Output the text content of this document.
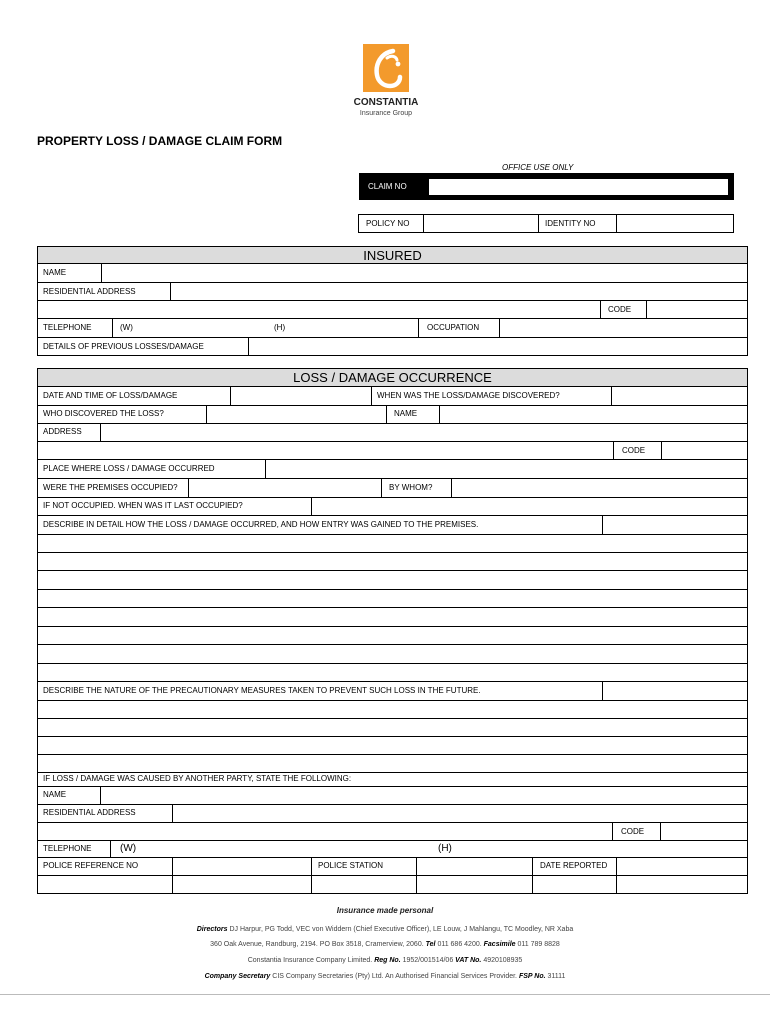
CONSTANTIA
Insurance Group
PROPERTY LOSS / DAMAGE CLAIM FORM
OFFICE USE ONLY
CLAIM NO
POLICY NO	IDENTITY NO
INSURED
NAME
RESIDENTIAL ADDRESS
CODE
TELEPHONE	(W)	(H)	OCCUPATION
DETAILS OF PREVIOUS LOSSES/DAMAGE
LOSS / DAMAGE OCCURRENCE
DATE AND TIME OF LOSS/DAMAGE	WHEN WAS THE LOSS/DAMAGE DISCOVERED?
WHO DISCOVERED THE LOSS?	NAME
ADDRESS
CODE
PLACE WHERE LOSS / DAMAGE OCCURRED
WERE THE PREMISES OCCUPIED?	BY WHOM?
IF NOT OCCUPIED. WHEN WAS IT LAST OCCUPIED?
DESCRIBE IN DETAIL HOW THE LOSS / DAMAGE OCCURRED, AND HOW ENTRY WAS GAINED TO THE PREMISES.
DESCRIBE THE NATURE OF THE PRECAUTIONARY MEASURES TAKEN TO PREVENT SUCH LOSS IN THE FUTURE.
IF LOSS / DAMAGE WAS CAUSED BY ANOTHER PARTY, STATE THE FOLLOWING:
NAME
RESIDENTIAL ADDRESS
CODE
TELEPHONE	(W)	(H)
POLICE REFERENCE NO	POLICE STATION	DATE REPORTED
Insurance made personal
Directors DJ Harpur, PG Todd, VEC von Widdern (Chief Executive Officer), LE Louw, J Mahlangu, TC Moodley, NR Xaba
360 Oak Avenue, Randburg, 2194. PO Box 3518, Cramerview, 2060. Tel 011 686 4200. Facsimile 011 789 8828
Constantia Insurance Company Limited. Reg No. 1952/001514/06 VAT No. 4920108935
Company Secretary CIS Company Secretaries (Pty) Ltd. An Authorised Financial Services Provider. FSP No. 31111
